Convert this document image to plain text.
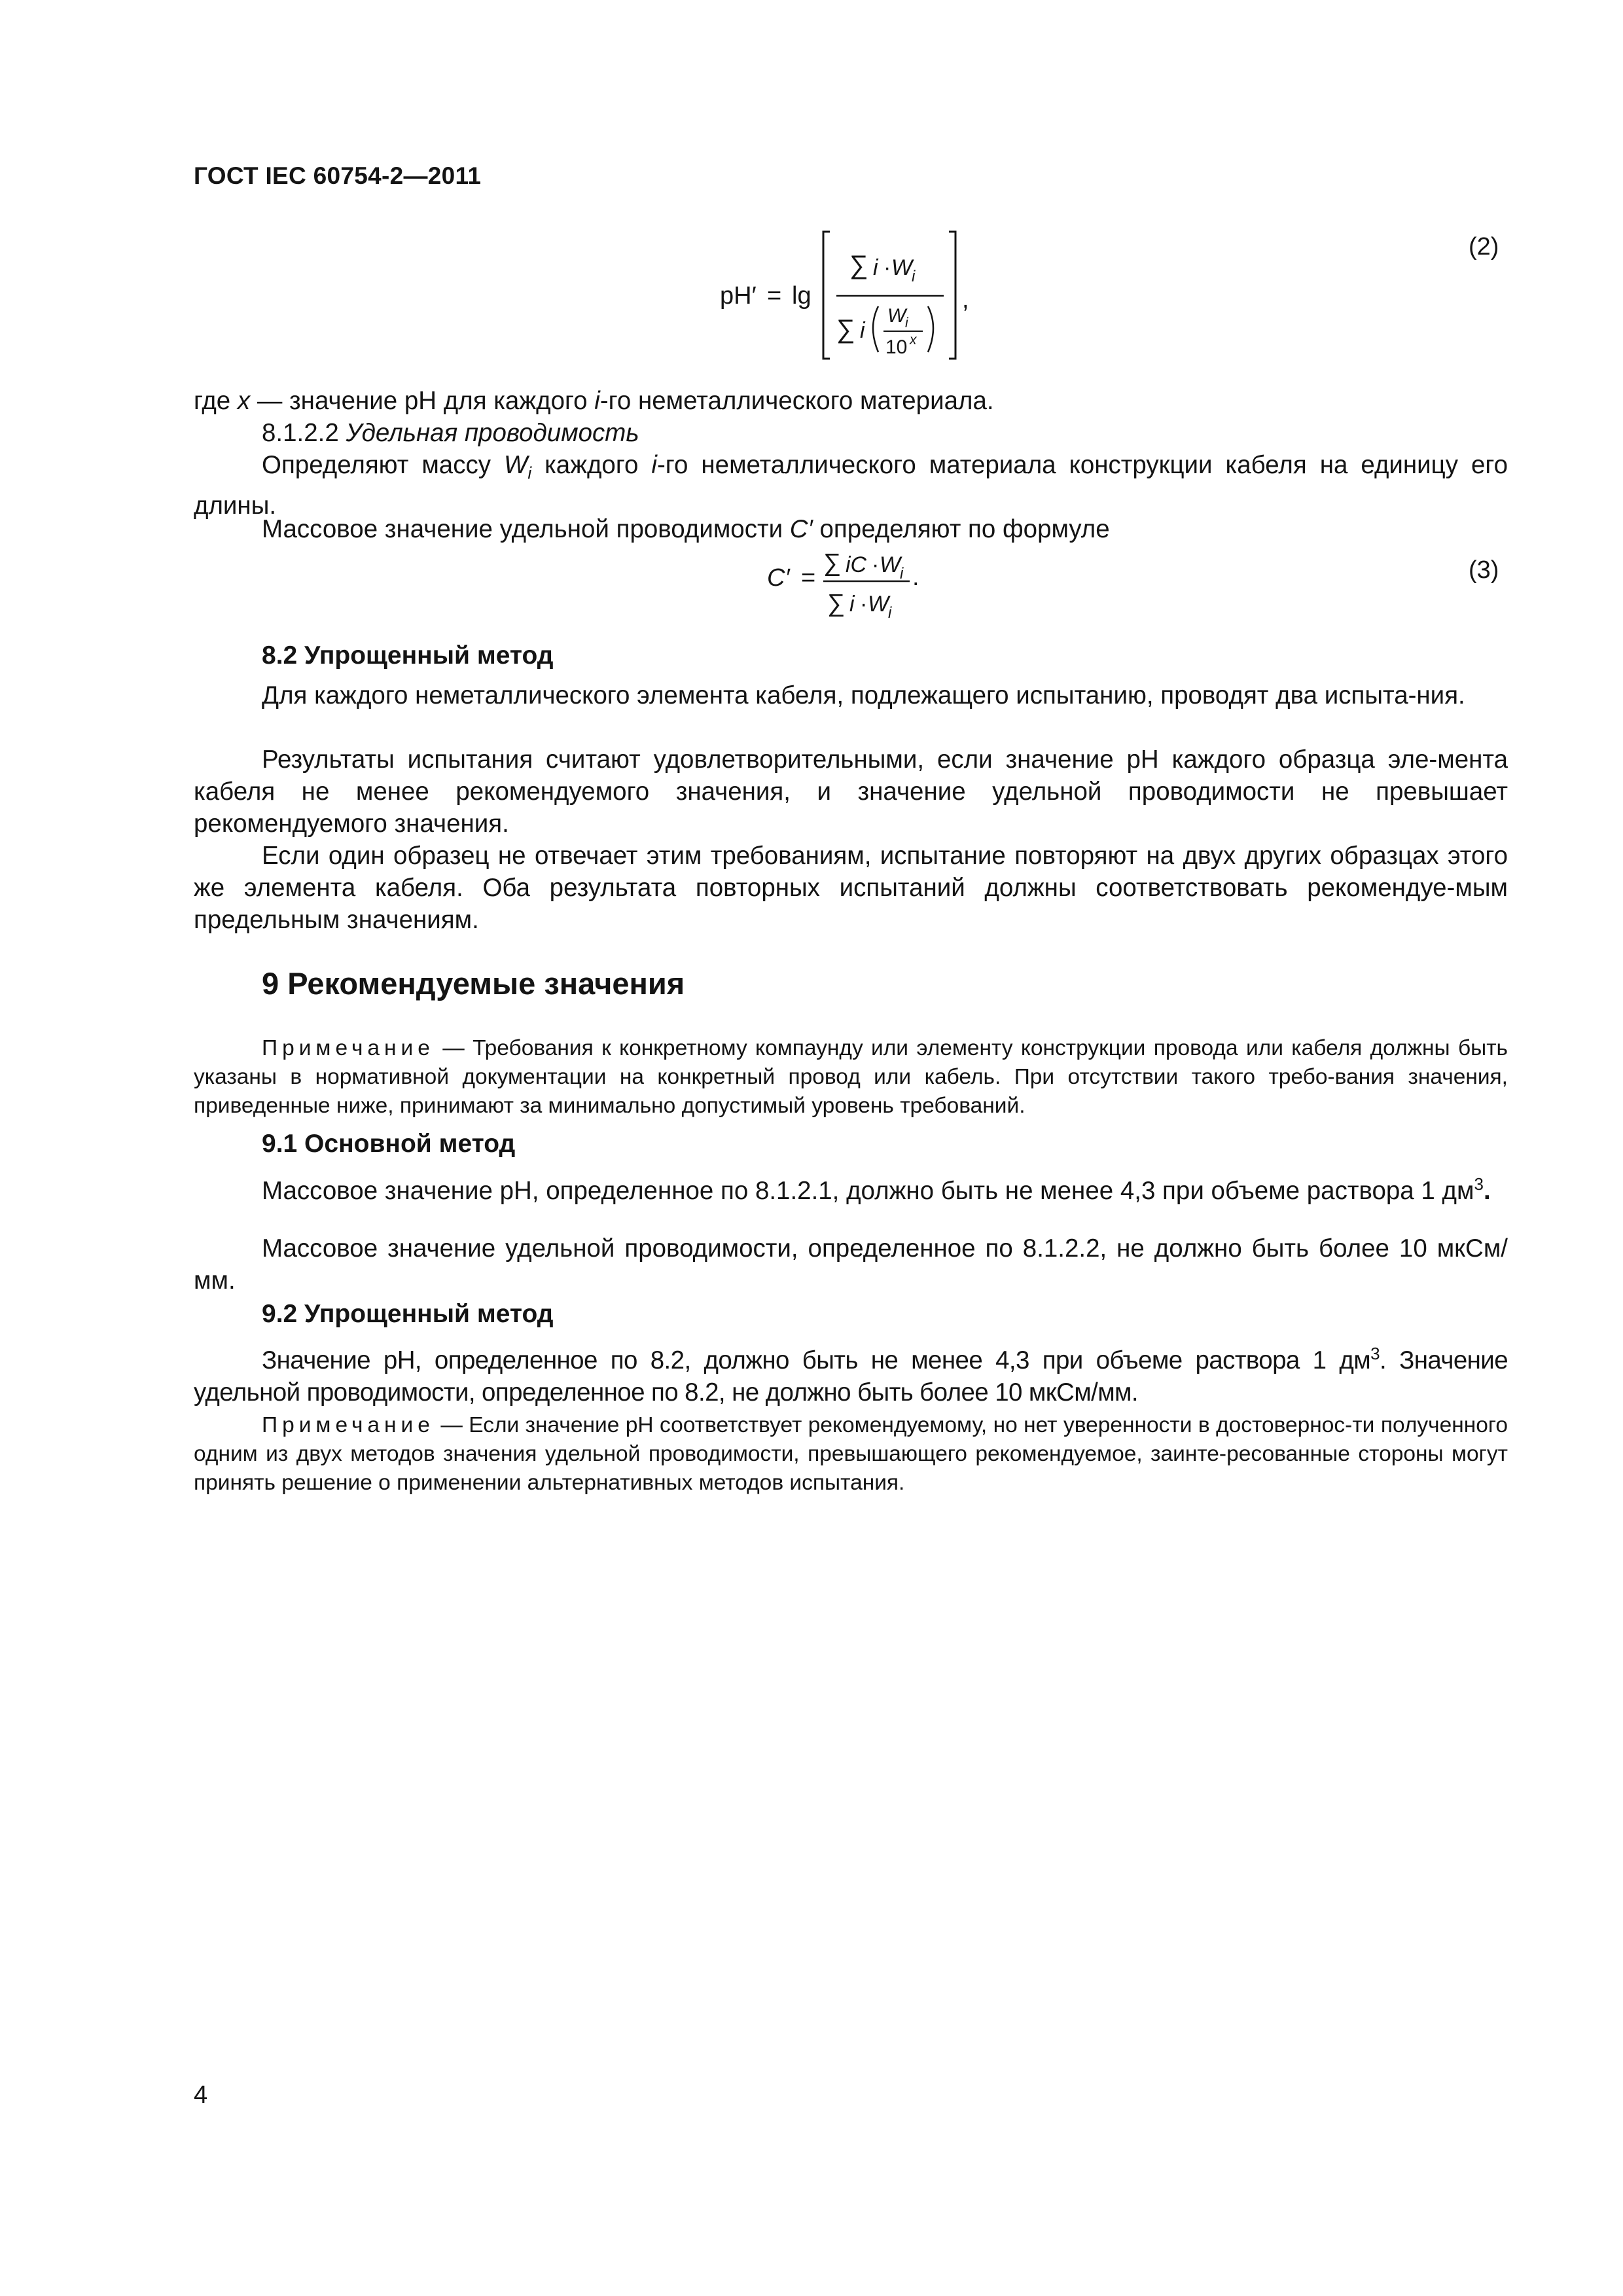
ГОСТ IEC 60754-2—2011
pH′ = lg
∑ i · W
i
∑ i
W
i
10 x
,
(2)
где x — значение рН для каждого i-го неметаллического материала.
8.1.2.2 Удельная проводимость
Определяют массу $W_i$ каждого i-го неметаллического материала конструкции кабеля на единицу его длины.
Массовое значение удельной проводимости C′ определяют по формуле
C′ =
∑ iC · W
i
∑ i · W
i
.	(3)
8.2 Упрощенный метод
Для каждого неметаллического элемента кабеля, подлежащего испытанию, проводят два испыта-ния.
Результаты испытания считают удовлетворительными, если значение рН каждого образца эле-мента кабеля не менее рекомендуемого значения, и значение удельной проводимости не превышает рекомендуемого значения.
Если один образец не отвечает этим требованиям, испытание повторяют на двух других образцах этого же элемента кабеля. Оба результата повторных испытаний должны соответствовать рекомендуе-мым предельным значениям.
9 Рекомендуемые значения
Примечание — Требования к конкретному компаунду или элементу конструкции провода или кабеля должны быть указаны в нормативной документации на конкретный провод или кабель. При отсутствии такого требо-вания значения, приведенные ниже, принимают за минимально допустимый уровень требований.
9.1 Основной метод
Массовое значение рН, определенное по 8.1.2.1, должно быть не менее 4,3 при объеме раствора 1 $дм^3$.
Массовое значение удельной проводимости, определенное по 8.1.2.2, не должно быть более 10 мкСм/мм.
9.2 Упрощенный метод
Значение рН, определенное по 8.2, должно быть не менее 4,3 при объеме раствора 1 $дм^3$. Значение удельной проводимости, определенное по 8.2, не должно быть более 10 мкСм/мм.
Примечание — Если значение рН соответствует рекомендуемому, но нет уверенности в достовернос-ти полученного одним из двух методов значения удельной проводимости, превышающего рекомендуемое, заинте-ресованные стороны могут принять решение о применении альтернативных методов испытания.
4
